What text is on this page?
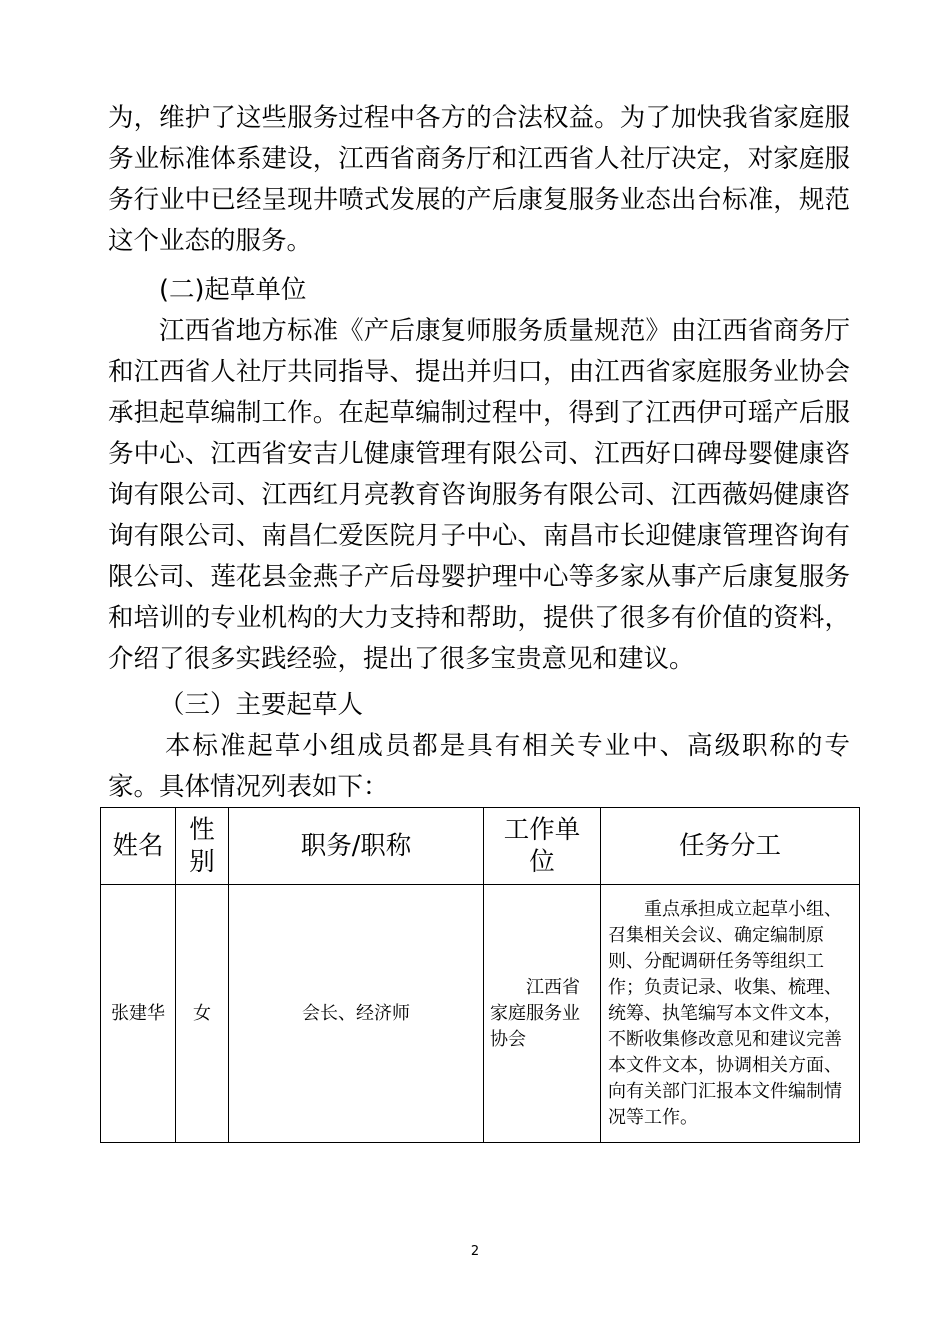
为，维护了这些服务过程中各方的合法权益。为了加快我省家庭服务业标准体系建设，江西省商务厅和江西省人社厅决定，对家庭服务行业中已经呈现井喷式发展的产后康复服务业态出台标准，规范这个业态的服务。

(二)起草单位

江西省地方标准《产后康复师服务质量规范》由江西省商务厅和江西省人社厅共同指导、提出并归口，由江西省家庭服务业协会承担起草编制工作。在起草编制过程中，得到了江西伊可瑶产后服务中心、江西省安吉儿健康管理有限公司、江西好口碑母婴健康咨询有限公司、江西红月亮教育咨询服务有限公司、江西薇妈健康咨询有限公司、南昌仁爱医院月子中心、南昌市长迎健康管理咨询有限公司、莲花县金燕子产后母婴护理中心等多家从事产后康复服务和培训的专业机构的大力支持和帮助，提供了很多有价值的资料，介绍了很多实践经验，提出了很多宝贵意见和建议。

（三）主要起草人

本标准起草小组成员都是具有相关专业中、高级职称的专家。具体情况列表如下：

姓名	性别	职务/职称	工作单位	任务分工
张建华	女	会长、经济师	江西省家庭服务业协会	重点承担成立起草小组、召集相关会议、确定编制原则、分配调研任务等组织工作；负责记录、收集、梳理、统筹、执笔编写本文件文本，不断收集修改意见和建议完善本文件文本，协调相关方面、向有关部门汇报本文件编制情况等工作。
2
